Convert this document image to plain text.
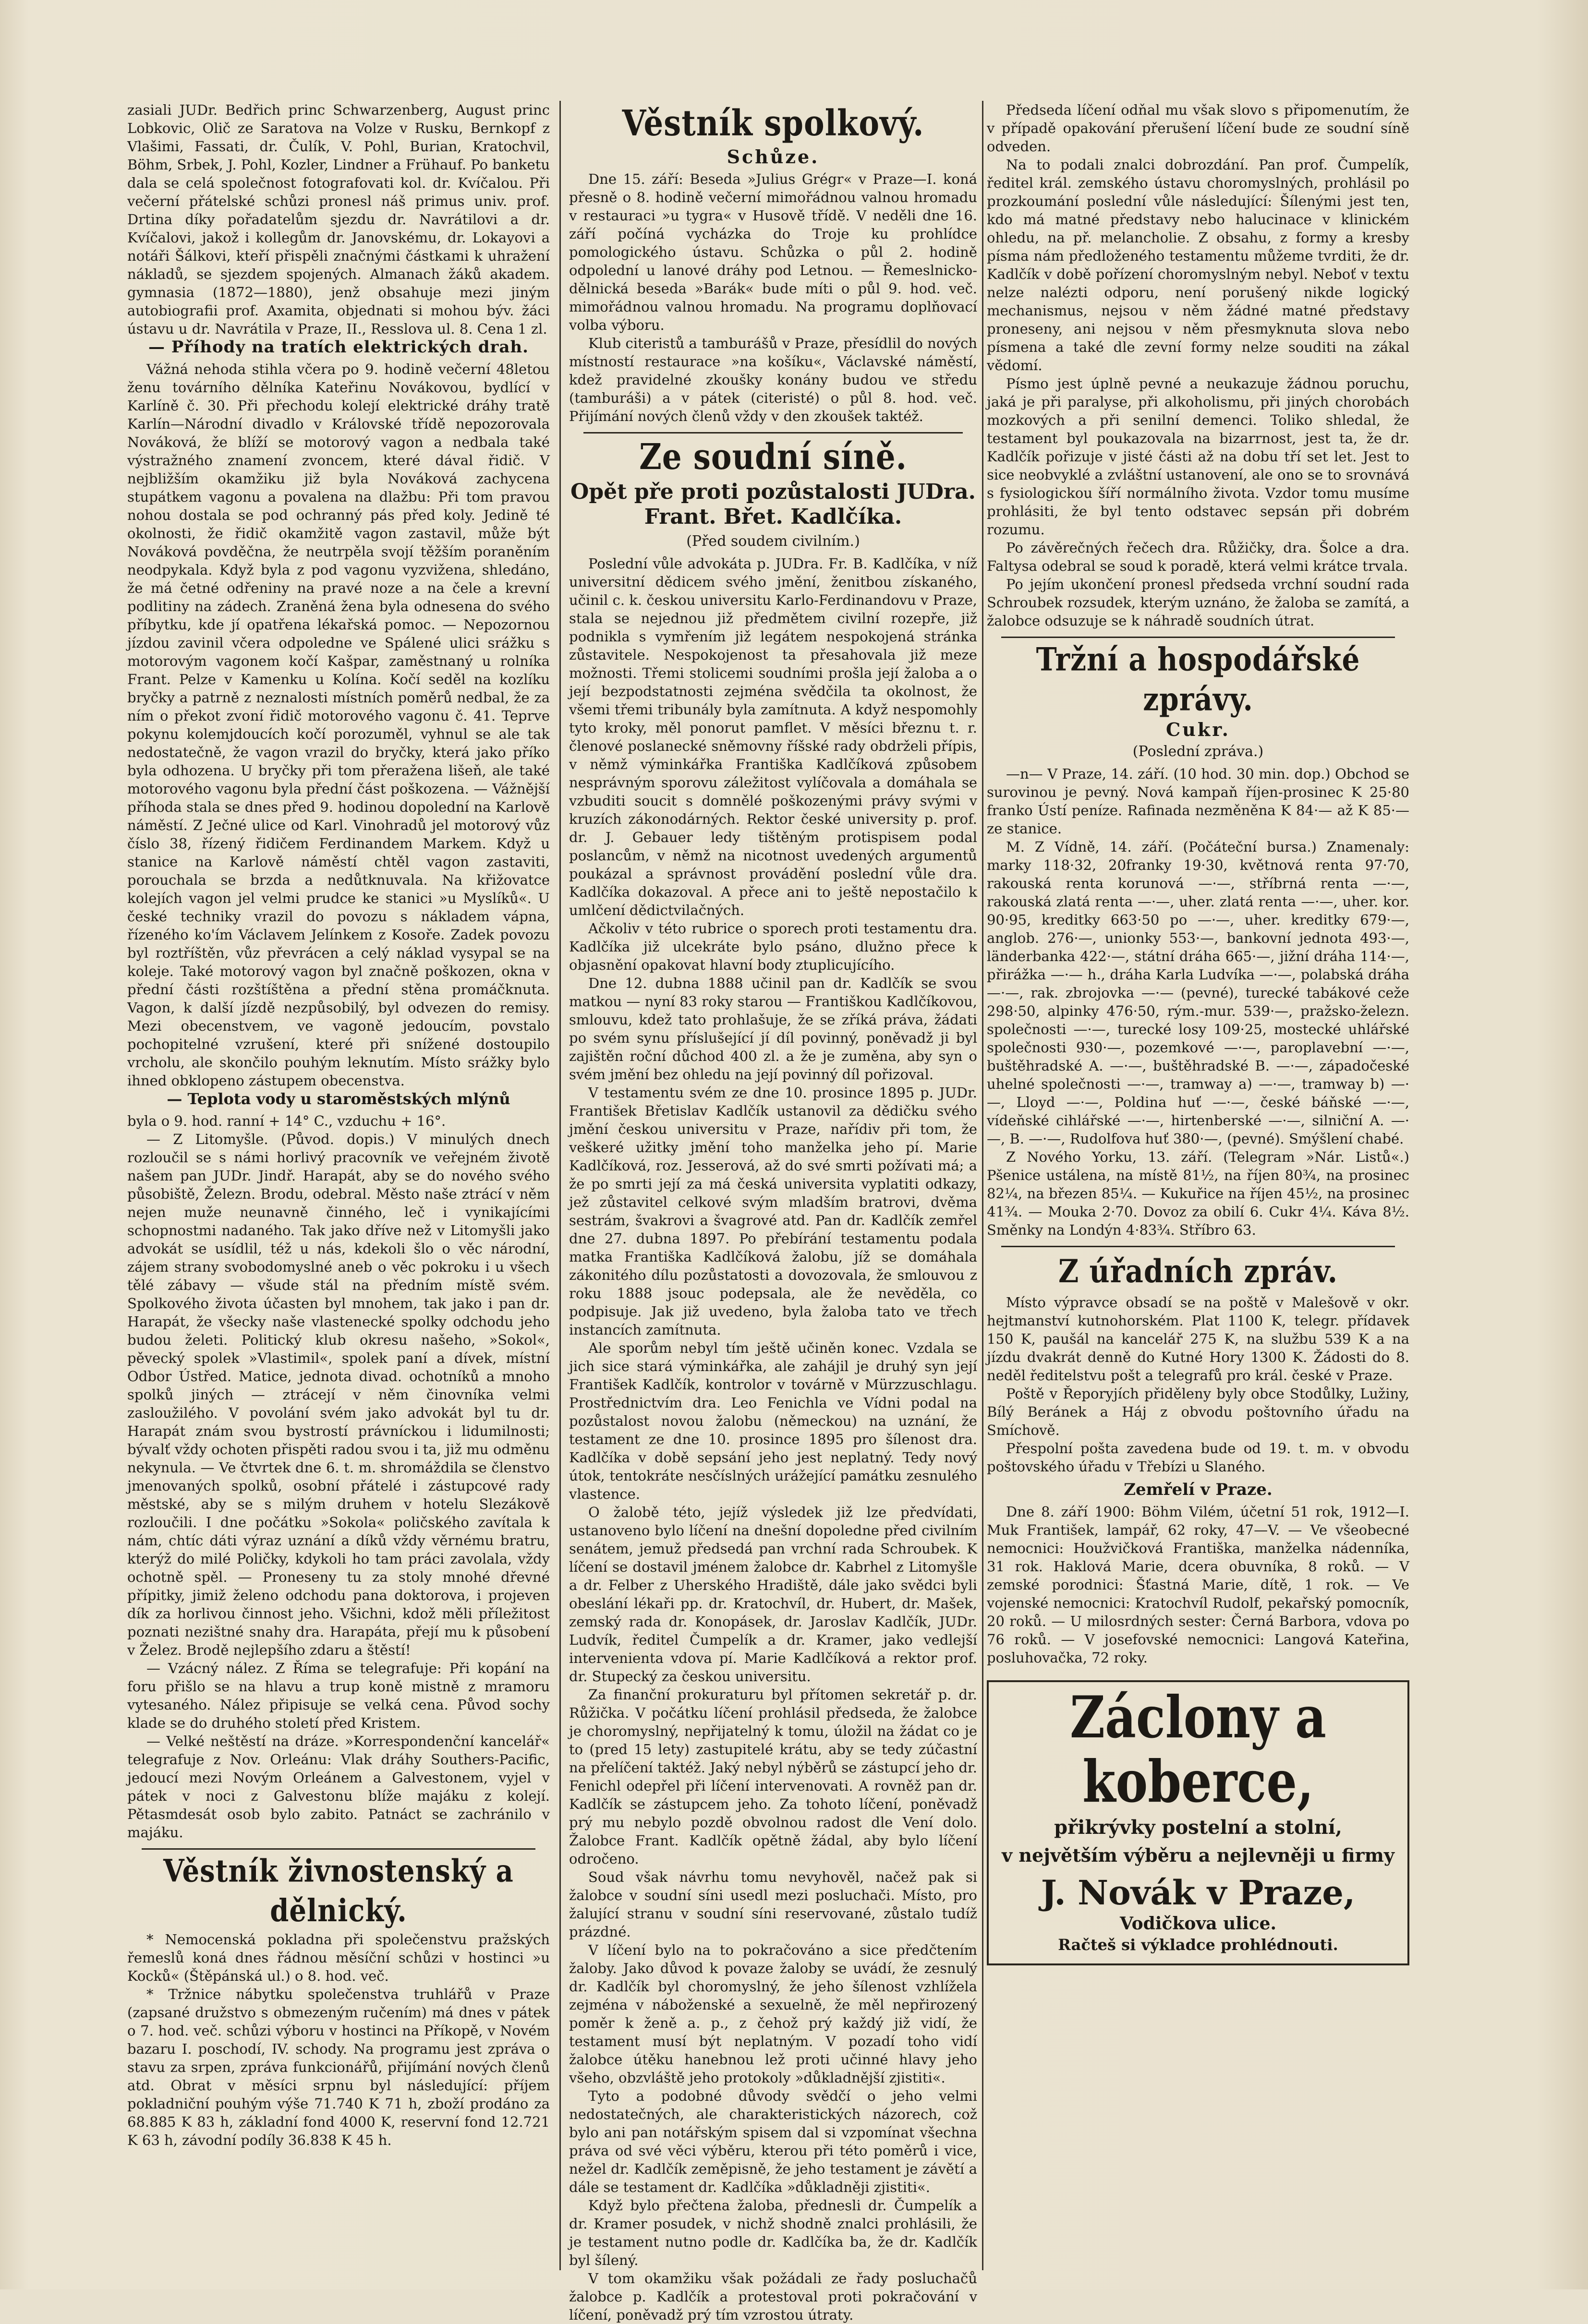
zasiali JUDr. Bedřich princ Schwarzenberg, August princ Lobkovic, Olič ze Saratova na Volze v Rusku, Bernkopf z Vlašimi, Fassati, dr. Čulík, V. Pohl, Burian, Kratochvil, Böhm, Srbek, J. Pohl, Kozler, Lindner a Frühauf. Po banketu dala se celá společnost fotografovati kol. dr. Kvíčalou. Při večerní přátelské schůzi pronesl náš primus univ. prof. Drtina díky pořadatelům sjezdu dr. Navrátilovi a dr. Kvíčalovi, jakož i kollegům dr. Janovskému, dr. Lokayovi a notáři Šálkovi, kteří přispěli značnými částkami k uhražení nákladů, se sjezdem spojených. Almanach žáků akadem. gymnasia (1872—1880), jenž obsahuje mezi jiným autobiografii prof. Axamita, objednati si mohou býv. žáci ústavu u dr. Navrátila v Praze, II., Resslova ul. 8. Cena 1 zl.

— Příhody na tratích elektrických drah.

Vážná nehoda stihla včera po 9. hodině večerní 48letou ženu továrního dělníka Kateřinu Novákovou, bydlící v Karlíně č. 30. Při přechodu kolejí elektrické dráhy tratě Karlín—Národní divadlo v Královské třídě nepozorovala Nováková, že blíží se motorový vagon a nedbala také výstražného znamení zvoncem, které dával řidič. V nejbližším okamžiku již byla Nováková zachycena stupátkem vagonu a povalena na dlažbu: Při tom pravou nohou dostala se pod ochranný pás před koly. Jedině té okolnosti, že řidič okamžitě vagon zastavil, může být Nováková povděčna, že neutrpěla svojí těžším poraněním neodpykala. Když byla z pod vagonu vyzvižena, shledáno, že má četné odřeniny na pravé noze a na čele a krevní podlitiny na zádech. Zraněná žena byla odnesena do svého příbytku, kde jí opatřena lékařská pomoc. — Nepozornou jízdou zavinil včera odpoledne ve Spálené ulici srážku s motorovým vagonem kočí Kašpar, zaměstnaný u rolníka Frant. Pelze v Kamenku u Kolína. Kočí seděl na kozlíku bryčky a patrně z neznalosti místních poměrů nedbal, že za ním o překot zvoní řidič motorového vagonu č. 41. Teprve pokynu kolemjdoucích kočí porozuměl, vyhnul se ale tak nedostatečně, že vagon vrazil do bryčky, která jako příko byla odhozena. U bryčky při tom přeražena lišeň, ale také motorového vagonu byla přední část poškozena. — Vážnější příhoda stala se dnes před 9. hodinou dopolední na Karlově náměstí. Z Ječné ulice od Karl. Vinohradů jel motorový vůz číslo 38, řízený řidičem Ferdinandem Markem. Když u stanice na Karlově náměstí chtěl vagon zastaviti, porouchala se brzda a nedůtknuvala. Na křižovatce kolejích vagon jel velmi prudce ke stanici »u Myslíků«. U české techniky vrazil do povozu s nákladem vápna, řízeného ko'ím Václavem Jelínkem z Kosoře. Zadek povozu byl roztříštěn, vůz převrácen a celý náklad vysypal se na koleje. Také motorový vagon byl značně poškozen, okna v přední části rozštíštěna a přední stěna promáčknuta. Vagon, k další jízdě nezpůsobilý, byl odvezen do remisy. Mezi obecenstvem, ve vagoně jedoucím, povstalo pochopitelné vzrušení, které při snížené dostoupilo vrcholu, ale skončilo pouhým leknutím. Místo srážky bylo ihned obklopeno zástupem obecenstva.

— Teplota vody u staroměstských mlýnů

byla o 9. hod. ranní + 14° C., vzduchu + 16°.

— Z Litomyšle. (Původ. dopis.) V minulých dnech rozloučil se s námi horlivý pracovník ve veřejném životě našem pan JUDr. Jindř. Harapát, aby se do nového svého působiště, Železn. Brodu, odebral. Město naše ztrácí v něm nejen muže neunavně činného, leč i vynikajícími schopnostmi nadaného. Tak jako dříve než v Litomyšli jako advokát se usídlil, též u nás, kdekoli šlo o věc národní, zájem strany svobodomyslné aneb o věc pokroku i u všech tělé zábavy — všude stál na předním místě svém. Spolkového života účasten byl mnohem, tak jako i pan dr. Harapát, že všecky naše vlastenecké spolky odchodu jeho budou želeti. Politický klub okresu našeho, »Sokol«, pěvecký spolek »Vlastimil«, spolek paní a dívek, místní Odbor Ústřed. Matice, jednota divad. ochotníků a mnoho spolků jiných — ztrácejí v něm činovníka velmi zasloužilého. V povolání svém jako advokát byl tu dr. Harapát znám svou bystrostí právníckou i lidumilnosti; bývalť vždy ochoten přispěti radou svou i ta, již mu odměnu nekynula. — Ve čtvrtek dne 6. t. m. shromáždila se členstvo jmenovaných spolků, osobní přátelé i zástupcové rady městské, aby se s milým druhem v hotelu Slezákově rozloučili. I dne počátku »Sokola« poličského zavítala k nám, chtíc dáti výraz uznání a díků vždy věrnému bratru, kterýž do milé Poličky, kdykoli ho tam práci zavolala, vždy ochotně spěl. — Proneseny tu za stoly mnohé dřevné přípitky, jimiž želeno odchodu pana doktorova, i projeven dík za horlivou činnost jeho. Všichni, kdož měli příležitost poznati nezištné snahy dra. Harapáta, přejí mu k působení v Želez. Brodě nejlepšího zdaru a štěstí!

— Vzácný nález. Z Říma se telegrafuje: Při kopání na foru přišlo se na hlavu a trup koně mistně z mramoru vytesaného. Nález připisuje se velká cena. Původ sochy klade se do druhého století před Kristem.

— Velké neštěstí na dráze. »Korrespondenční kancelář« telegrafuje z Nov. Orleánu: Vlak dráhy Southers-Pacific, jedoucí mezi Novým Orleánem a Galvestonem, vyjel v pátek v noci z Galvestonu blíže majáku z kolejí. Pětasmdesát osob bylo zabito. Patnáct se zachránilo v majáku.

Věstník živnostenský a dělnický.

* Nemocenská pokladna při společenstvu pražských řemeslů koná dnes řádnou měsíční schůzi v hostinci »u Kocků« (Štěpánská ul.) o 8. hod. več.

* Tržnice nábytku společenstva truhlářů v Praze (zapsané družstvo s obmezeným ručením) má dnes v pátek o 7. hod. več. schůzi výboru v hostinci na Příkopě, v Novém bazaru I. poschodí, IV. schody. Na programu jest zpráva o stavu za srpen, zpráva funkcionářů, přijímání nových členů atd. Obrat v měsíci srpnu byl následující: příjem pokladniční pouhým výše 71.740 K 71 h, zboží prodáno za 68.885 K 83 h, základní fond 4000 K, reservní fond 12.721 K 63 h, závodní podíly 36.838 K 45 h.

Věstník spolkový.
Schůze.

Dne 15. září: Beseda »Julius Grégr« v Praze—I. koná přesně o 8. hodině večerní mimořádnou valnou hromadu v restauraci »u tygra« v Husově třídě. V neděli dne 16. září počíná vycházka do Troje ku prohlídce pomologického ústavu. Schůzka o půl 2. hodině odpolední u lanové dráhy pod Letnou. — Řemeslnicko-dělnická beseda »Barák« bude míti o půl 9. hod. več. mimořádnou valnou hromadu. Na programu doplňovací volba výboru.

Klub citeristů a tamburášů v Praze, přesídlil do nových místností restaurace »na košíku«, Václavské náměstí, kdež pravidelné zkoušky konány budou ve středu (tamburáši) a v pátek (citeristé) o půl 8. hod. več. Přijímání nových členů vždy v den zkoušek taktéž.

Ze soudní síně.
Opět pře proti pozůstalosti JUDra. Frant. Břet. Kadlčíka.
(Před soudem civilním.)

Poslední vůle advokáta p. JUDra. Fr. B. Kadlčíka, v níž universitní dědicem svého jmění, ženitbou získaného, učinil c. k. českou universitu Karlo-Ferdinandovu v Praze, stala se nejednou již předmětem civilní rozepře, již podnikla s vymřením již legátem nespokojená stránka zůstavitele. Nespokojenost ta přesahovala již meze možnosti. Třemi stolicemi soudními prošla její žaloba a o její bezpodstatnosti zejména svědčila ta okolnost, že všemi třemi tribunály byla zamítnuta. A když nespomohly tyto kroky, měl ponorut pamflet. V měsíci březnu t. r. členové poslanecké sněmovny říšské rady obdrželi přípis, v němž výminkářka Františka Kadlčíková způsobem nesprávným sporovu záležitost vylíčovala a domáhala se vzbuditi soucit s domnělé poškozenými právy svými v kruzích zákonodárných. Rektor české university p. prof. dr. J. Gebauer ledy tištěným protispisem podal poslancům, v němž na nicotnost uvedených argumentů poukázal a správnost provádění poslední vůle dra. Kadlčíka dokazoval. A přece ani to ještě nepostačilo k umlčení dědictvilačných.

Ačkoliv v této rubrice o sporech proti testamentu dra. Kadlčíka již ulcekráte bylo psáno, dlužno přece k objasnění opakovat hlavní body ztuplicujícího.

Dne 12. dubna 1888 učinil pan dr. Kadlčík se svou matkou — nyní 83 roky starou — Františkou Kadlčíkovou, smlouvu, kdež tato prohlašuje, že se zříká práva, žádati po svém synu příslušející jí díl povinný, poněvadž ji byl zajištěn roční důchod 400 zl. a že je zuměna, aby syn o svém jmění bez ohledu na její povinný díl pořizoval.

V testamentu svém ze dne 10. prosince 1895 p. JUDr. František Břetislav Kadlčík ustanovil za dědičku svého jmění českou universitu v Praze, nařídiv při tom, že veškeré užitky jmění toho manželka jeho pí. Marie Kadlčíková, roz. Jesserová, až do své smrti požívati má; a že po smrti její za má česká universita vyplatiti odkazy, jež zůstavitel celkové svým mladším bratrovi, dvěma sestrám, švakrovi a švagrové atd. Pan dr. Kadlčík zemřel dne 27. dubna 1897. Po přebírání testamentu podala matka Františka Kadlčíková žalobu, jíž se domáhala zákonitého dílu pozůstatosti a dovozovala, že smlouvou z roku 1888 jsouc podepsala, ale že nevěděla, co podpisuje. Jak již uvedeno, byla žaloba tato ve třech instancích zamítnuta.

Ale sporům nebyl tím ještě učiněn konec. Vzdala se jich sice stará výminkářka, ale zahájil je druhý syn její František Kadlčík, kontrolor v továrně v Mürzzuschlagu. Prostřednictvím dra. Leo Fenichla ve Vídni podal na pozůstalost novou žalobu (německou) na uznání, že testament ze dne 10. prosince 1895 pro šílenost dra. Kadlčíka v době sepsání jeho jest neplatný. Tedy nový útok, tentokráte nesčíslných urážející památku zesnulého vlastence.

O žalobě této, jejíž výsledek již lze předvídati, ustanoveno bylo líčení na dnešní dopoledne před civilním senátem, jemuž předsedá pan vrchní rada Schroubek. K líčení se dostavil jménem žalobce dr. Kabrhel z Litomyšle a dr. Felber z Uherského Hradiště, dále jako svědci byli obeslání lékaři pp. dr. Kratochvíl, dr. Hubert, dr. Mašek, zemský rada dr. Konopásek, dr. Jaroslav Kadlčík, JUDr. Ludvík, ředitel Čumpelík a dr. Kramer, jako vedlejší intervenienta vdova pí. Marie Kadlčíková a rektor prof. dr. Stupecký za českou universitu.

Za finanční prokuraturu byl přítomen sekretář p. dr. Růžička. V počátku líčení prohlásil předseda, že žalobce je choromyslný, nepřijatelný k tomu, úložil na žádat co je to (pred 15 lety) zastupitelé krátu, aby se tedy zúčastní na přelíčení taktéž. Jaký nebyl nýběrů se zástupcí jeho dr. Fenichl odepřel při líčení intervenovati. A rovněž pan dr. Kadlčík se zástupcem jeho. Za tohoto líčení, poněvadž prý mu nebylo pozdě obvolnou radost dle Vení dolo. Žalobce Frant. Kadlčík opětně žádal, aby bylo líčení odročeno.

Soud však návrhu tomu nevyhověl, načež pak si žalobce v soudní síni usedl mezi posluchači. Místo, pro žalující stranu v soudní síni reservované, zůstalo tudíž prázdné.

V líčení bylo na to pokračováno a sice předčtením žaloby. Jako důvod k povaze žaloby se uvádí, že zesnulý dr. Kadlčík byl choromyslný, že jeho šílenost vzhlížela zejména v náboženské a sexuelně, že měl nepřirozený poměr k ženě a. p., z čehož prý každý již vidí, že testament musí být neplatným. V pozadí toho vidí žalobce útěku hanebnou lež proti učinné hlavy jeho všeho, obzvláště jeho protokoly »důkladnější zjistiti«.

Tyto a podobné důvody svědčí o jeho velmi nedostatečných, ale charakteristických názorech, což bylo ani pan notářským spisem dal si vzpomínat všechna práva od své věci výběru, kterou při této poměrů i vice, nežel dr. Kadlčík zeměpisně, že jeho testament je závětí a dále se testament dr. Kadlčíka »důkladněji zjistiti«.

Když bylo přečtena žaloba, přednesli dr. Čumpelík a dr. Kramer posudek, v nichž shodně znalci prohlásili, že je testament nutno podle dr. Kadlčíka ba, že dr. Kadlčík byl šílený.

V tom okamžiku však požádali ze řady posluchačů žalobce p. Kadlčík a protestoval proti pokračování v líčení, poněvadž prý tím vzrostou útraty.

Předseda líčení odňal mu však slovo s připomenutím, že v případě opakování přerušení líčení bude ze soudní síně odveden.

Na to podali znalci dobrozdání. Pan prof. Čumpelík, ředitel král. zemského ústavu choromyslných, prohlásil po prozkoumání poslední vůle následující: Šílenými jest ten, kdo má matné představy nebo halucinace v klinickém ohledu, na př. melancholie. Z obsahu, z formy a kresby písma nám předloženého testamentu můžeme tvrditi, že dr. Kadlčík v době pořízení choromyslným nebyl. Neboť v textu nelze nalézti odporu, není porušený nikde logický mechanismus, nejsou v něm žádné matné představy proneseny, ani nejsou v něm přesmyknuta slova nebo písmena a také dle zevní formy nelze souditi na zákal vědomí.

Písmo jest úplně pevné a neukazuje žádnou poruchu, jaká je při paralyse, při alkoholismu, při jiných chorobách mozkových a při senilní demenci. Toliko shledal, že testament byl poukazovala na bizarrnost, jest ta, že dr. Kadlčík pořizuje v jisté části až na dobu tří set let. Jest to sice neobvyklé a zvláštní ustanovení, ale ono se to srovnává s fysiologickou šíří normálního života. Vzdor tomu musíme prohlásiti, že byl tento odstavec sepsán při dobrém rozumu.

Po závěrečných řečech dra. Růžičky, dra. Šolce a dra. Faltysa odebral se soud k poradě, která velmi krátce trvala.

Po jejím ukončení pronesl předseda vrchní soudní rada Schroubek rozsudek, kterým uznáno, že žaloba se zamítá, a žalobce odsuzuje se k náhradě soudních útrat.

Tržní a hospodářské zprávy.
Cukr.
(Poslední zpráva.)

—n— V Praze, 14. září. (10 hod. 30 min. dop.) Obchod se surovinou je pevný. Nová kampaň říjen-prosinec K 25·80 franko Ústí peníze. Rafinada nezměněna K 84·— až K 85·— ze stanice.

M. Z Vídně, 14. září. (Počáteční bursa.) Znamenaly: marky 118·32, 20franky 19·30, květnová renta 97·70, rakouská renta korunová —·—, stříbrná renta —·—, rakouská zlatá renta —·—, uher. zlatá renta —·—, uher. kor. 90·95, kreditky 663·50 po —·—, uher. kreditky 679·—, anglob. 276·—, unionky 553·—, bankovní jednota 493·—, länderbanka 422·—, státní dráha 665·—, jižní dráha 114·—, přirážka —·— h., dráha Karla Ludvíka —·—, polabská dráha —·—, rak. zbrojovka —·— (pevné), turecké tabákové ceže 298·50, alpinky 476·50, rým.-mur. 539·—, pražsko-železn. společnosti —·—, turecké losy 109·25, mostecké uhlářské společnosti 930·—, pozemkové —·—, paroplavební —·—, buštěhradské A. —·—, buštěhradské B. —·—, západočeské uhelné společnosti —·—, tramway a) —·—, tramway b) —·—, Lloyd —·—, Poldina huť —·—, české báňské —·—, vídeňské cihlářské —·—, hirtenberské —·—, silniční A. —·—, B. —·—, Rudolfova huť 380·—, (pevné). Smýšlení chabé.

Z Nového Yorku, 13. září. (Telegram »Nár. Listů«.) Pšenice ustálena, na místě 81½, na říjen 80¾, na prosinec 82¼, na březen 85¼. — Kukuřice na říjen 45½, na prosinec 41¾. — Mouka 2·70. Dovoz za obilí 6. Cukr 4¼. Káva 8½. Směnky na Londýn 4·83¾. Stříbro 63.

Z úřadních zpráv.

Místo výpravce obsadí se na poště v Malešově v okr. hejtmanství kutnohorském. Plat 1100 K, telegr. přídavek 150 K, paušál na kancelář 275 K, na službu 539 K a na jízdu dvakrát denně do Kutné Hory 1300 K. Žádosti do 8. neděl ředitelstvu pošt a telegrafů pro král. české v Praze.

Poště v Řeporyjích přiděleny byly obce Stodůlky, Lužiny, Bílý Beránek a Háj z obvodu poštovního úřadu na Smíchově.

Přespolní pošta zavedena bude od 19. t. m. v obvodu poštovského úřadu v Třebízi u Slaného.

Zemřelí v Praze.

Dne 8. září 1900: Böhm Vilém, účetní 51 rok, 1912—I. Muk František, lampář, 62 roky, 47—V. — Ve všeobecné nemocnici: Houžvičková Františka, manželka nádenníka, 31 rok. Haklová Marie, dcera obuvníka, 8 roků. — V zemské porodnici: Šťastná Marie, dítě, 1 rok. — Ve vojenské nemocnici: Kratochvíl Rudolf, pekařský pomocník, 20 roků. — U milosrdných sester: Černá Barbora, vdova po 76 roků. — V josefovské nemocnici: Langová Kateřina, posluhovačka, 72 roky.

Záclony a koberce,
přikrývky postelní a stolní,
v největším výběru a nejlevněji u firmy
J. Novák v Praze,
Vodičkova ulice.
Račteš si výkladce prohlédnouti.
